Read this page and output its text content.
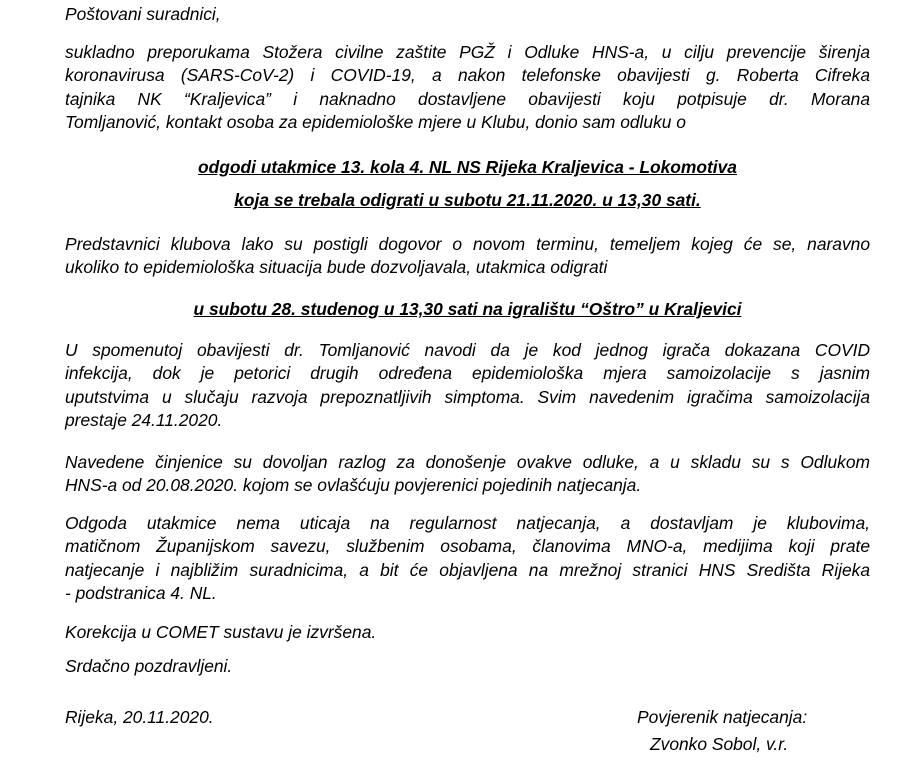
Poštovani suradnici,

sukladno preporukama Stožera civilne zaštite PGŽ i Odluke HNS-a, u cilju prevencije širenja
koronavirusa (SARS-CoV-2) i COVID-19, a nakon telefonske obavijesti g. Roberta Cifreka
tajnika NK “Kraljevica” i naknadno dostavljene obavijesti koju potpisuje dr. Morana
Tomljanović, kontakt osoba za epidemiološke mjere u Klubu, donio sam odluku o

odgodi utakmice 13. kola 4. NL NS Rijeka Kraljevica - Lokomotiva

koja se trebala odigrati u subotu 21.11.2020. u 13,30 sati.

Predstavnici klubova lako su postigli dogovor o novom terminu, temeljem kojeg će se, naravno
ukoliko to epidemiološka situacija bude dozvoljavala, utakmica odigrati

u subotu 28. studenog u 13,30 sati na igralištu “Oštro” u Kraljevici

U spomenutoj obavijesti dr. Tomljanović navodi da je kod jednog igrača dokazana COVID
infekcija, dok je petorici drugih određena epidemiološka mjera samoizolacije s jasnim
uputstvima u slučaju razvoja prepoznatljivih simptoma. Svim navedenim igračima samoizolacija
prestaje 24.11.2020.

Navedene činjenice su dovoljan razlog za donošenje ovakve odluke, a u skladu su s Odlukom
HNS-a od 20.08.2020. kojom se ovlašćuju povjerenici pojedinih natjecanja.

Odgoda utakmice nema uticaja na regularnost natjecanja, a dostavljam je klubovima,
matičnom Županijskom savezu, službenim osobama, članovima MNO-a, medijima koji prate
natjecanje i najbližim suradnicima, a bit će objavljena na mrežnoj stranici HNS Središta Rijeka
- podstranica 4. NL.

Korekcija u COMET sustavu je izvršena.

Srdačno pozdravljeni.

Rijeka, 20.11.2020.	Povjerenik natjecanja:

Zvonko Sobol, v.r.
